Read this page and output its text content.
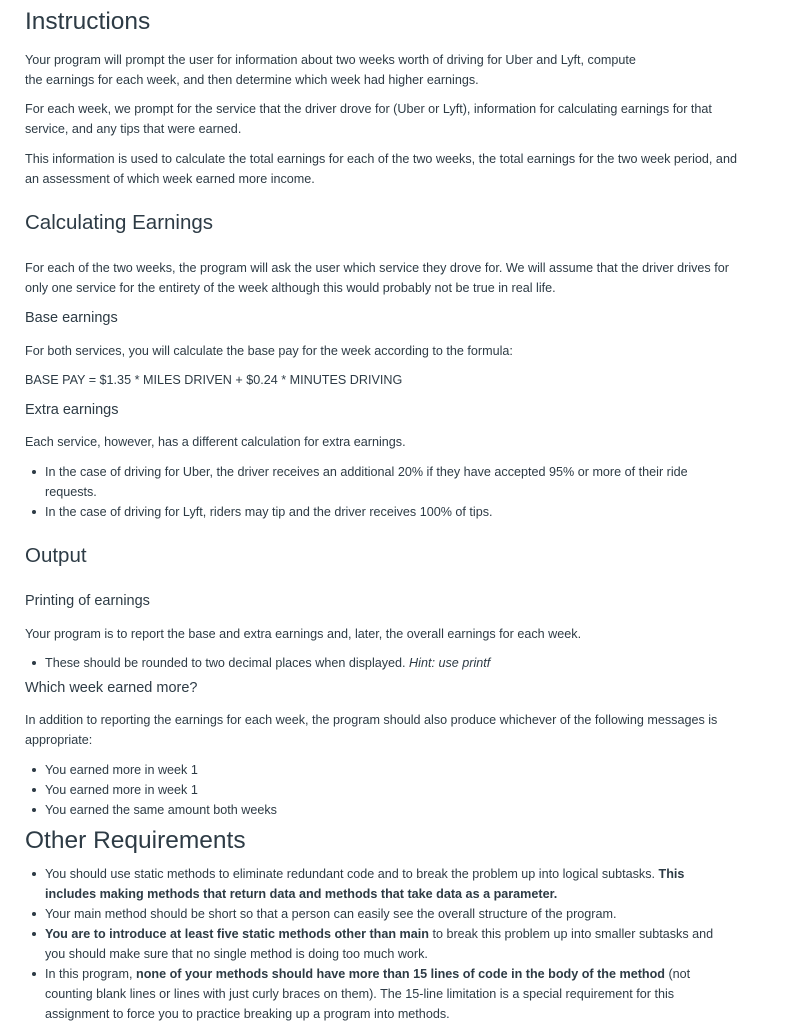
Instructions
Your program will prompt the user for information about two weeks worth of driving for Uber and Lyft, compute
the earnings for each week, and then determine which week had higher earnings.

For each week, we prompt for the service that the driver drove for (Uber or Lyft), information for calculating earnings for that service, and any tips that were earned.

This information is used to calculate the total earnings for each of the two weeks, the total earnings for the two week period, and an assessment of which week earned more income.

Calculating Earnings

For each of the two weeks, the program will ask the user which service they drove for. We will assume that the driver drives for only one service for the entirety of the week although this would probably not be true in real life.

Base earnings

For both services, you will calculate the base pay for the week according to the formula:

BASE PAY = $1.35 * MILES DRIVEN + $0.24 * MINUTES DRIVING

Extra earnings

Each service, however, has a different calculation for extra earnings.

In the case of driving for Uber, the driver receives an additional 20% if they have accepted 95% or more of their ride requests.
In the case of driving for Lyft, riders may tip and the driver receives 100% of tips.
Output
Printing of earnings

Your program is to report the base and extra earnings and, later, the overall earnings for each week.

These should be rounded to two decimal places when displayed. Hint: use printf
Which week earned more?

In addition to reporting the earnings for each week, the program should also produce whichever of the following messages is appropriate:

You earned more in week 1
You earned more in week 1
You earned the same amount both weeks
Other Requirements
You should use static methods to eliminate redundant code and to break the problem up into logical subtasks. This includes making methods that return data and methods that take data as a parameter.
Your main method should be short so that a person can easily see the overall structure of the program.
You are to introduce at least five static methods other than main to break this problem up into smaller subtasks and you should make sure that no single method is doing too much work.
In this program, none of your methods should have more than 15 lines of code in the body of the method (not counting blank lines or lines with just curly braces on them). The 15-line limitation is a special requirement for this assignment to force you to practice breaking up a program into methods.
